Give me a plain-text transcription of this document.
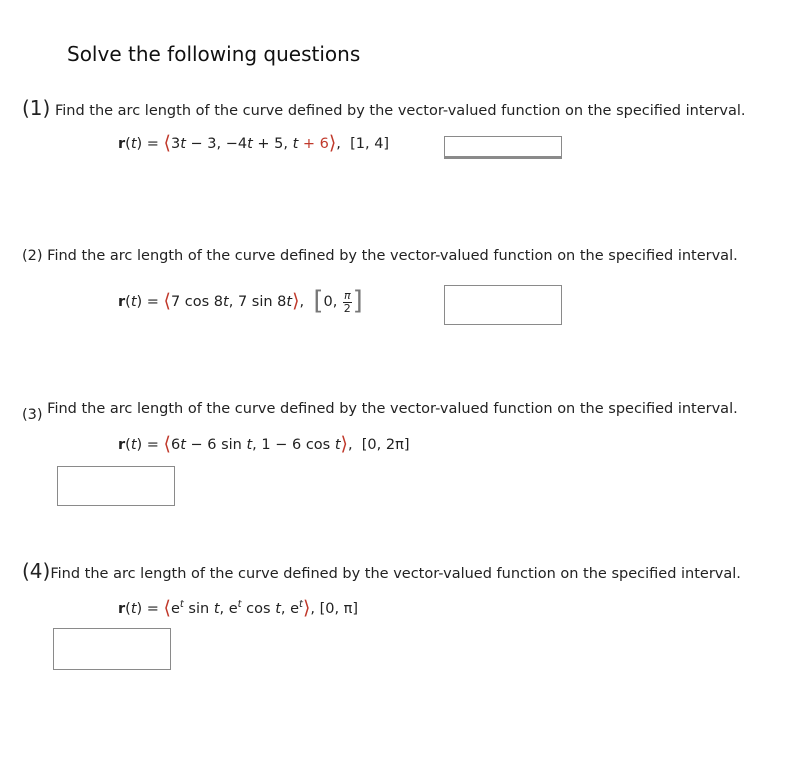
Solve the following questions
(1) Find the arc length of the curve defined by the vector-valued function on the specified interval.
r(t) = ⟨3t − 3, −4t + 5, t + 6⟩,  [1, 4]
(2) Find the arc length of the curve defined by the vector-valued function on the specified interval.
r(t) = ⟨7 cos 8t, 7 sin 8t⟩,  [0, $\frac{\pi}{2}$ ]
(3) Find the arc length of the curve defined by the vector-valued function on the specified interval.
r(t) = ⟨6t − 6 sin t, 1 − 6 cos t⟩,  [0, 2π]
(4)Find the arc length of the curve defined by the vector-valued function on the specified interval.
$r(t) = ⟨e^t$ sin t, $e^t$ cos t, $e^t⟩$, [0, π]
